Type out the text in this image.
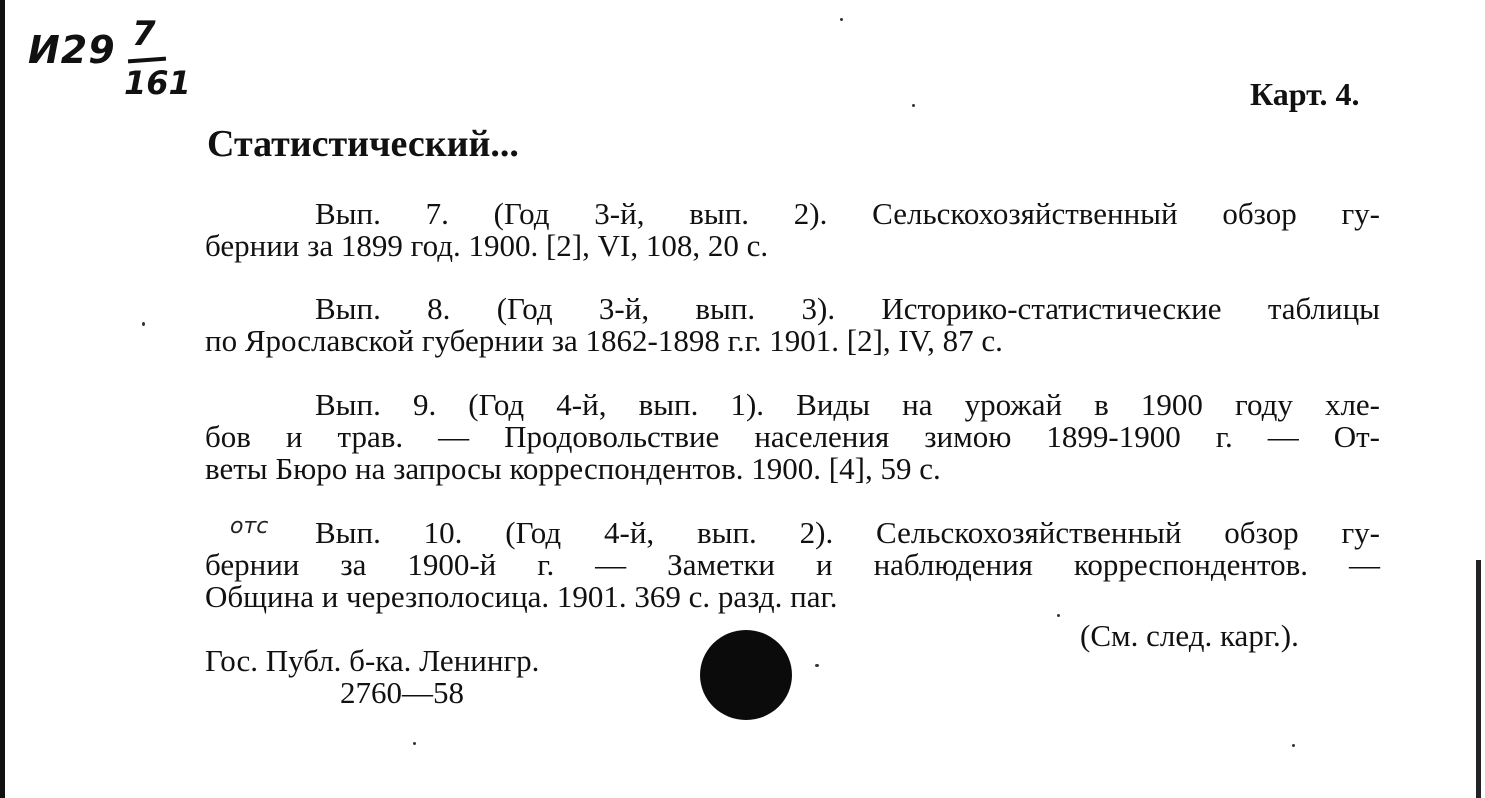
И29 7
161	Карт. 4.
Статистический...
Вып. 7. (Год 3-й, вып. 2). Сельскохозяйственный обзор гу-
бернии за 1899 год. 1900. [2], VI, 108, 20 с.
Вып. 8. (Год 3-й, вып. 3). Историко-статистические таблицы
по Ярославской губернии за 1862-1898 г.г. 1901. [2], IV, 87 с.
Вып. 9. (Год 4-й, вып. 1). Виды на урожай в 1900 году хле-
бов и трав. — Продовольствие населения зимою 1899-1900 г. — От-
веты Бюро на запросы корреспондентов. 1900. [4], 59 с.
отс	Вып. 10. (Год 4-й, вып. 2). Сельскохозяйственный обзор гу-
бернии за 1900-й г. — Заметки и наблюдения корреспондентов. —
Община и черезполосица. 1901. 369 с. разд. паг.
(См. след. карг.).
Гос. Публ. б-ка. Ленингр.
2760—58
